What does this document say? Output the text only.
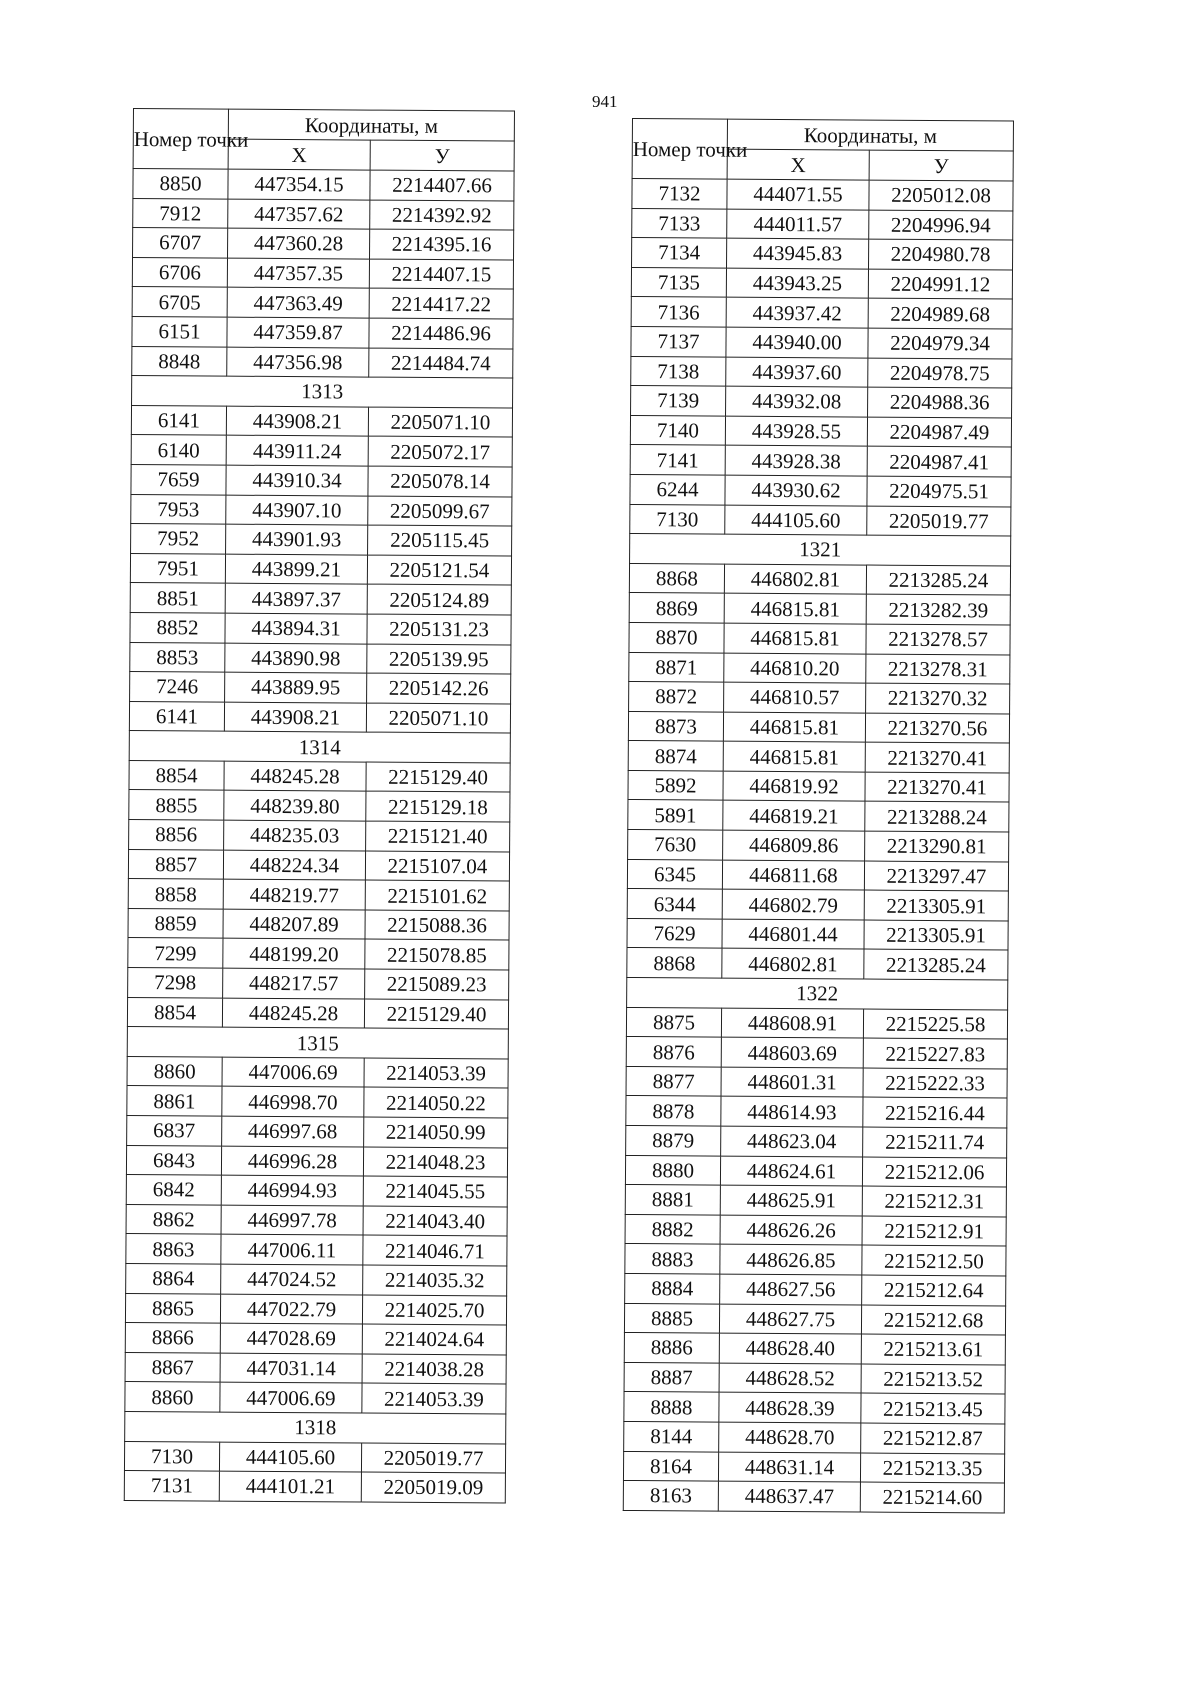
941
Номер точки	Координаты, м	
	X	У
8850	447354.15	2214407.66
7912	447357.62	2214392.92
6707	447360.28	2214395.16
6706	447357.35	2214407.15
6705	447363.49	2214417.22
6151	447359.87	2214486.96
8848	447356.98	2214484.74
1313		
6141	443908.21	2205071.10
6140	443911.24	2205072.17
7659	443910.34	2205078.14
7953	443907.10	2205099.67
7952	443901.93	2205115.45
7951	443899.21	2205121.54
8851	443897.37	2205124.89
8852	443894.31	2205131.23
8853	443890.98	2205139.95
7246	443889.95	2205142.26
6141	443908.21	2205071.10
1314		
8854	448245.28	2215129.40
8855	448239.80	2215129.18
8856	448235.03	2215121.40
8857	448224.34	2215107.04
8858	448219.77	2215101.62
8859	448207.89	2215088.36
7299	448199.20	2215078.85
7298	448217.57	2215089.23
8854	448245.28	2215129.40
1315		
8860	447006.69	2214053.39
8861	446998.70	2214050.22
6837	446997.68	2214050.99
6843	446996.28	2214048.23
6842	446994.93	2214045.55
8862	446997.78	2214043.40
8863	447006.11	2214046.71
8864	447024.52	2214035.32
8865	447022.79	2214025.70
8866	447028.69	2214024.64
8867	447031.14	2214038.28
8860	447006.69	2214053.39
1318		
7130	444105.60	2205019.77
7131	444101.21	2205019.09
Номер точки	Координаты, м	
	X	У
7132	444071.55	2205012.08
7133	444011.57	2204996.94
7134	443945.83	2204980.78
7135	443943.25	2204991.12
7136	443937.42	2204989.68
7137	443940.00	2204979.34
7138	443937.60	2204978.75
7139	443932.08	2204988.36
7140	443928.55	2204987.49
7141	443928.38	2204987.41
6244	443930.62	2204975.51
7130	444105.60	2205019.77
1321		
8868	446802.81	2213285.24
8869	446815.81	2213282.39
8870	446815.81	2213278.57
8871	446810.20	2213278.31
8872	446810.57	2213270.32
8873	446815.81	2213270.56
8874	446815.81	2213270.41
5892	446819.92	2213270.41
5891	446819.21	2213288.24
7630	446809.86	2213290.81
6345	446811.68	2213297.47
6344	446802.79	2213305.91
7629	446801.44	2213305.91
8868	446802.81	2213285.24
1322		
8875	448608.91	2215225.58
8876	448603.69	2215227.83
8877	448601.31	2215222.33
8878	448614.93	2215216.44
8879	448623.04	2215211.74
8880	448624.61	2215212.06
8881	448625.91	2215212.31
8882	448626.26	2215212.91
8883	448626.85	2215212.50
8884	448627.56	2215212.64
8885	448627.75	2215212.68
8886	448628.40	2215213.61
8887	448628.52	2215213.52
8888	448628.39	2215213.45
8144	448628.70	2215212.87
8164	448631.14	2215213.35
8163	448637.47	2215214.60
